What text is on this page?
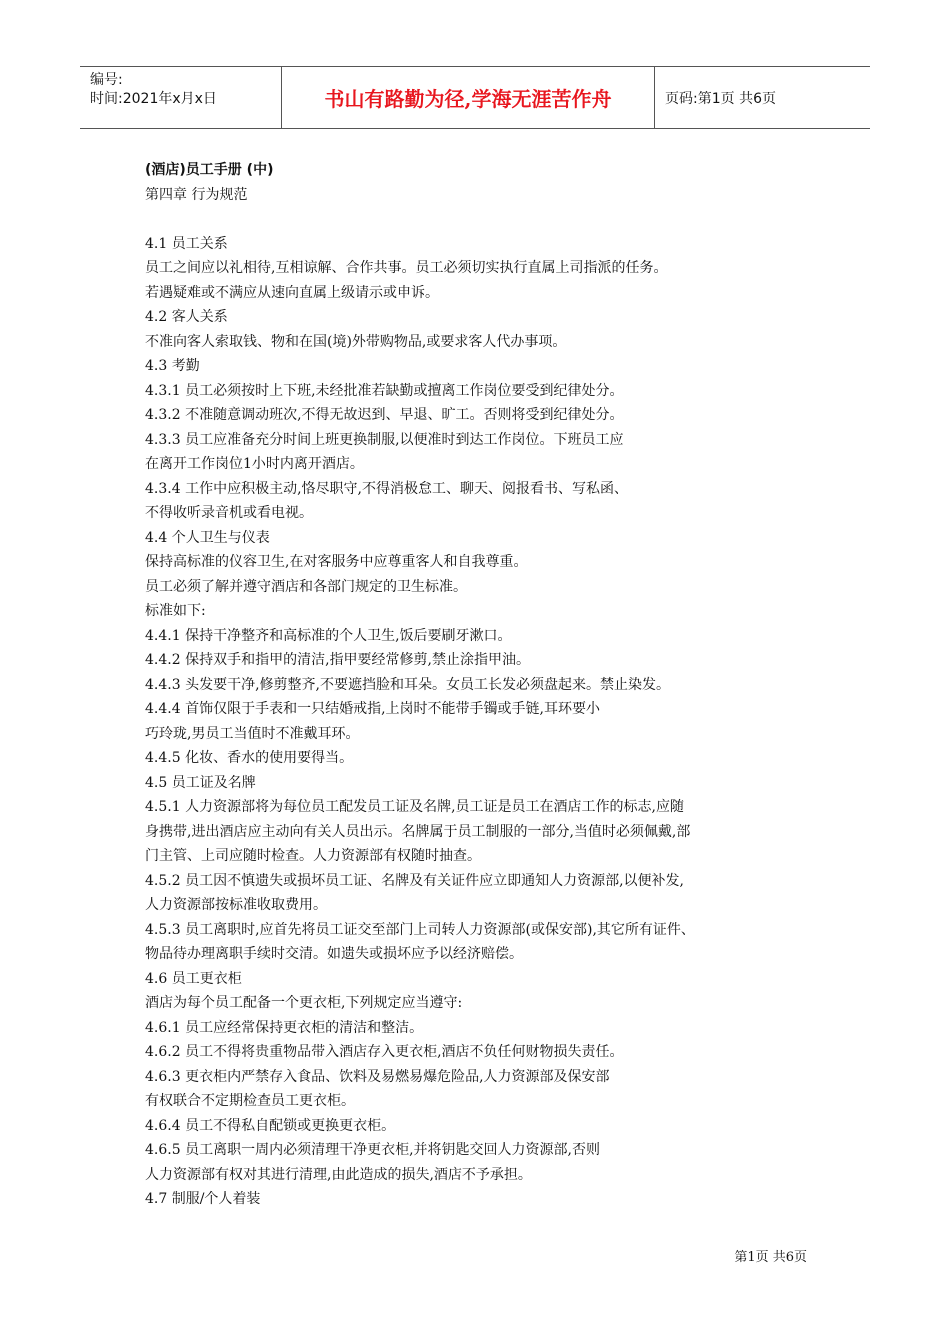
编号:
时间:2021年x月x日	书山有路勤为径,学海无涯苦作舟	页码:第1页 共6页
(酒店)员工手册 (中)
第四章 行为规范
4.1 员工关系
员工之间应以礼相待,互相谅解、合作共事。员工必须切实执行直属上司指派的任务。
若遇疑难或不满应从速向直属上级请示或申诉。
4.2 客人关系
不准向客人索取钱、物和在国(境)外带购物品,或要求客人代办事项。
4.3 考勤
4.3.1 员工必须按时上下班,未经批准若缺勤或擅离工作岗位要受到纪律处分。
4.3.2 不准随意调动班次,不得无故迟到、早退、旷工。否则将受到纪律处分。
4.3.3 员工应准备充分时间上班更换制服,以便准时到达工作岗位。下班员工应
在离开工作岗位1小时内离开酒店。
4.3.4 工作中应积极主动,恪尽职守,不得消极怠工、聊天、阅报看书、写私函、
不得收听录音机或看电视。
4.4 个人卫生与仪表
保持高标准的仪容卫生,在对客服务中应尊重客人和自我尊重。
员工必须了解并遵守酒店和各部门规定的卫生标准。
标准如下:
4.4.1 保持干净整齐和高标准的个人卫生,饭后要刷牙漱口。
4.4.2 保持双手和指甲的清洁,指甲要经常修剪,禁止涂指甲油。
4.4.3 头发要干净,修剪整齐,不要遮挡脸和耳朵。女员工长发必须盘起来。禁止染发。
4.4.4 首饰仅限于手表和一只结婚戒指,上岗时不能带手镯或手链,耳环要小
巧玲珑,男员工当值时不准戴耳环。
4.4.5 化妆、香水的使用要得当。
4.5 员工证及名牌
4.5.1 人力资源部将为每位员工配发员工证及名牌,员工证是员工在酒店工作的标志,应随
身携带,进出酒店应主动向有关人员出示。名牌属于员工制服的一部分,当值时必须佩戴,部
门主管、上司应随时检查。人力资源部有权随时抽查。
4.5.2 员工因不慎遗失或损坏员工证、名牌及有关证件应立即通知人力资源部,以便补发,
人力资源部按标准收取费用。
4.5.3 员工离职时,应首先将员工证交至部门上司转人力资源部(或保安部),其它所有证件、
物品待办理离职手续时交清。如遗失或损坏应予以经济赔偿。
4.6 员工更衣柜
酒店为每个员工配备一个更衣柜,下列规定应当遵守:
4.6.1 员工应经常保持更衣柜的清洁和整洁。
4.6.2 员工不得将贵重物品带入酒店存入更衣柜,酒店不负任何财物损失责任。
4.6.3 更衣柜内严禁存入食品、饮料及易燃易爆危险品,人力资源部及保安部
有权联合不定期检查员工更衣柜。
4.6.4 员工不得私自配锁或更换更衣柜。
4.6.5 员工离职一周内必须清理干净更衣柜,并将钥匙交回人力资源部,否则
人力资源部有权对其进行清理,由此造成的损失,酒店不予承担。
4.7 制服/个人着装
第1页 共6页
